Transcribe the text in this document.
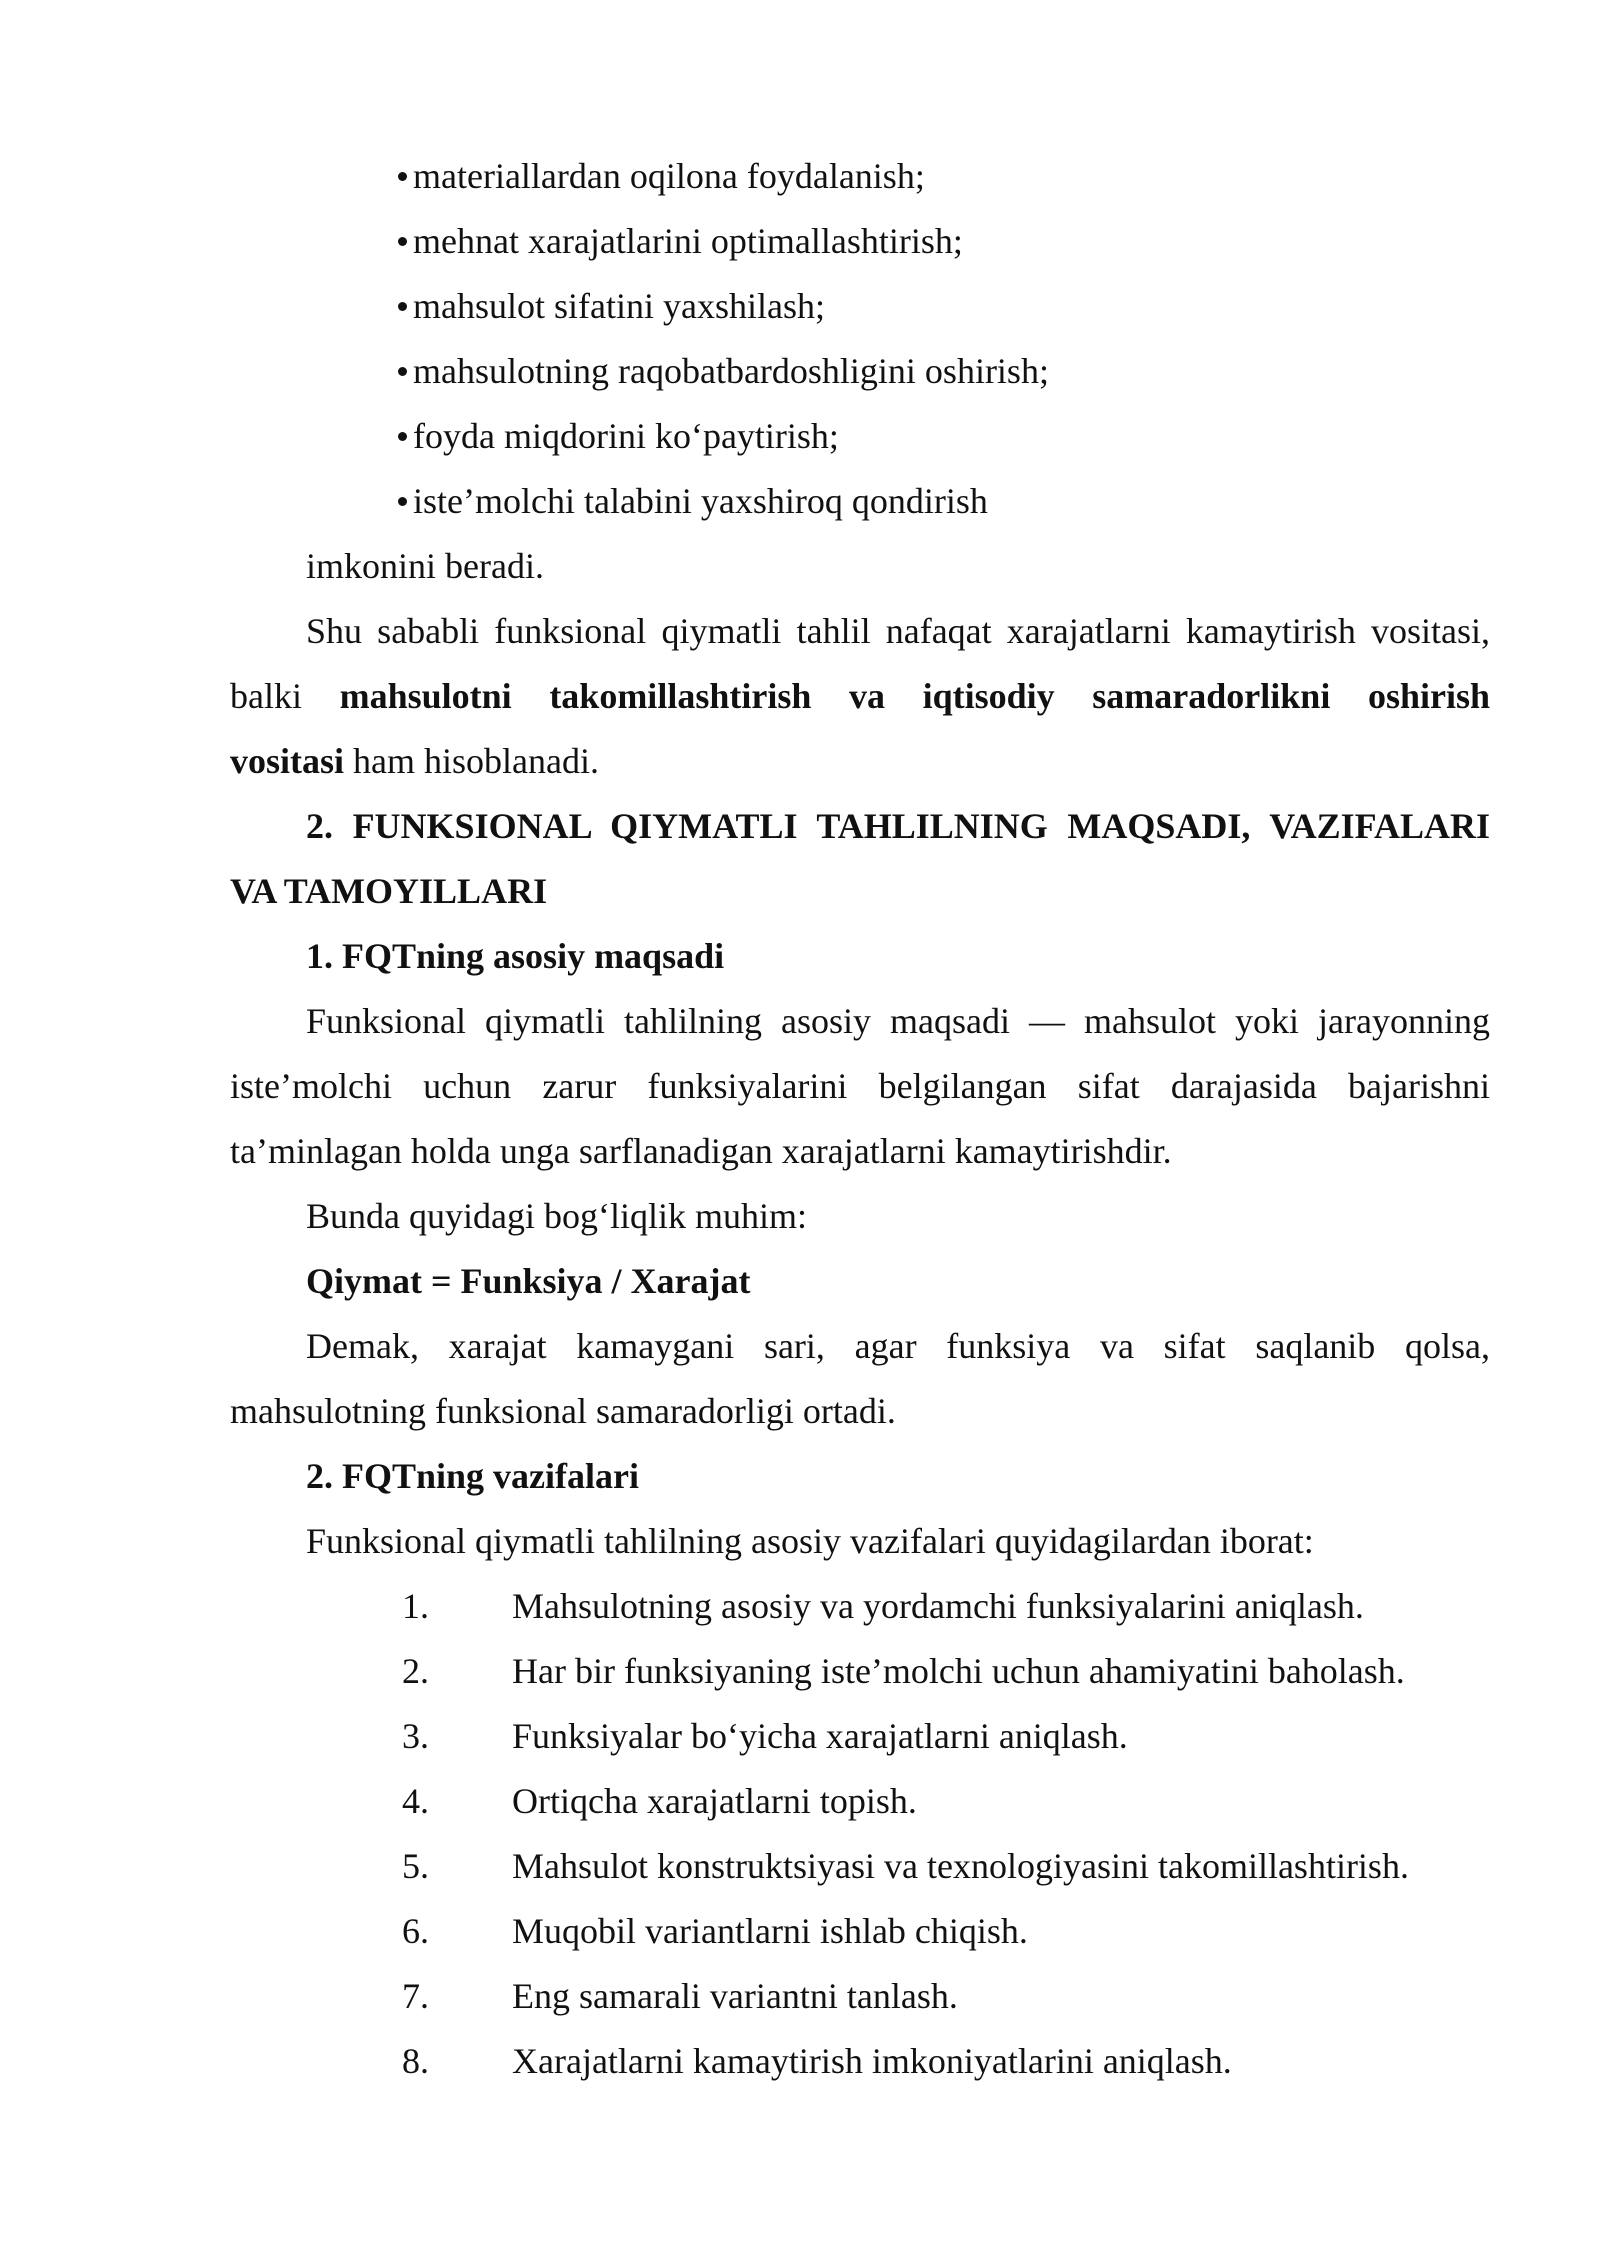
materiallardan oqilona foydalanish;
mehnat xarajatlarini optimallashtirish;
mahsulot sifatini yaxshilash;
mahsulotning raqobatbardoshligini oshirish;
foyda miqdorini ko‘paytirish;
iste’molchi talabini yaxshiroq qondirish
imkonini beradi.
Shu sababli funksional qiymatli tahlil nafaqat xarajatlarni kamaytirish vositasi,
balki mahsulotni takomillashtirish va iqtisodiy samaradorlikni oshirish
vositasi ham hisoblanadi.
2. FUNKSIONAL QIYMATLI TAHLILNING MAQSADI, VAZIFALARI
VA TAMOYILLARI
1. FQTning asosiy maqsadi
Funksional qiymatli tahlilning asosiy maqsadi — mahsulot yoki jarayonning
iste’molchi uchun zarur funksiyalarini belgilangan sifat darajasida bajarishni
ta’minlagan holda unga sarflanadigan xarajatlarni kamaytirishdir.
Bunda quyidagi bog‘liqlik muhim:
Qiymat = Funksiya / Xarajat
Demak, xarajat kamaygani sari, agar funksiya va sifat saqlanib qolsa,
mahsulotning funksional samaradorligi ortadi.
2. FQTning vazifalari
Funksional qiymatli tahlilning asosiy vazifalari quyidagilardan iborat:
1. Mahsulotning asosiy va yordamchi funksiyalarini aniqlash.
2. Har bir funksiyaning iste’molchi uchun ahamiyatini baholash.
3. Funksiyalar bo‘yicha xarajatlarni aniqlash.
4. Ortiqcha xarajatlarni topish.
5. Mahsulot konstruktsiyasi va texnologiyasini takomillashtirish.
6. Muqobil variantlarni ishlab chiqish.
7. Eng samarali variantni tanlash.
8. Xarajatlarni kamaytirish imkoniyatlarini aniqlash.
